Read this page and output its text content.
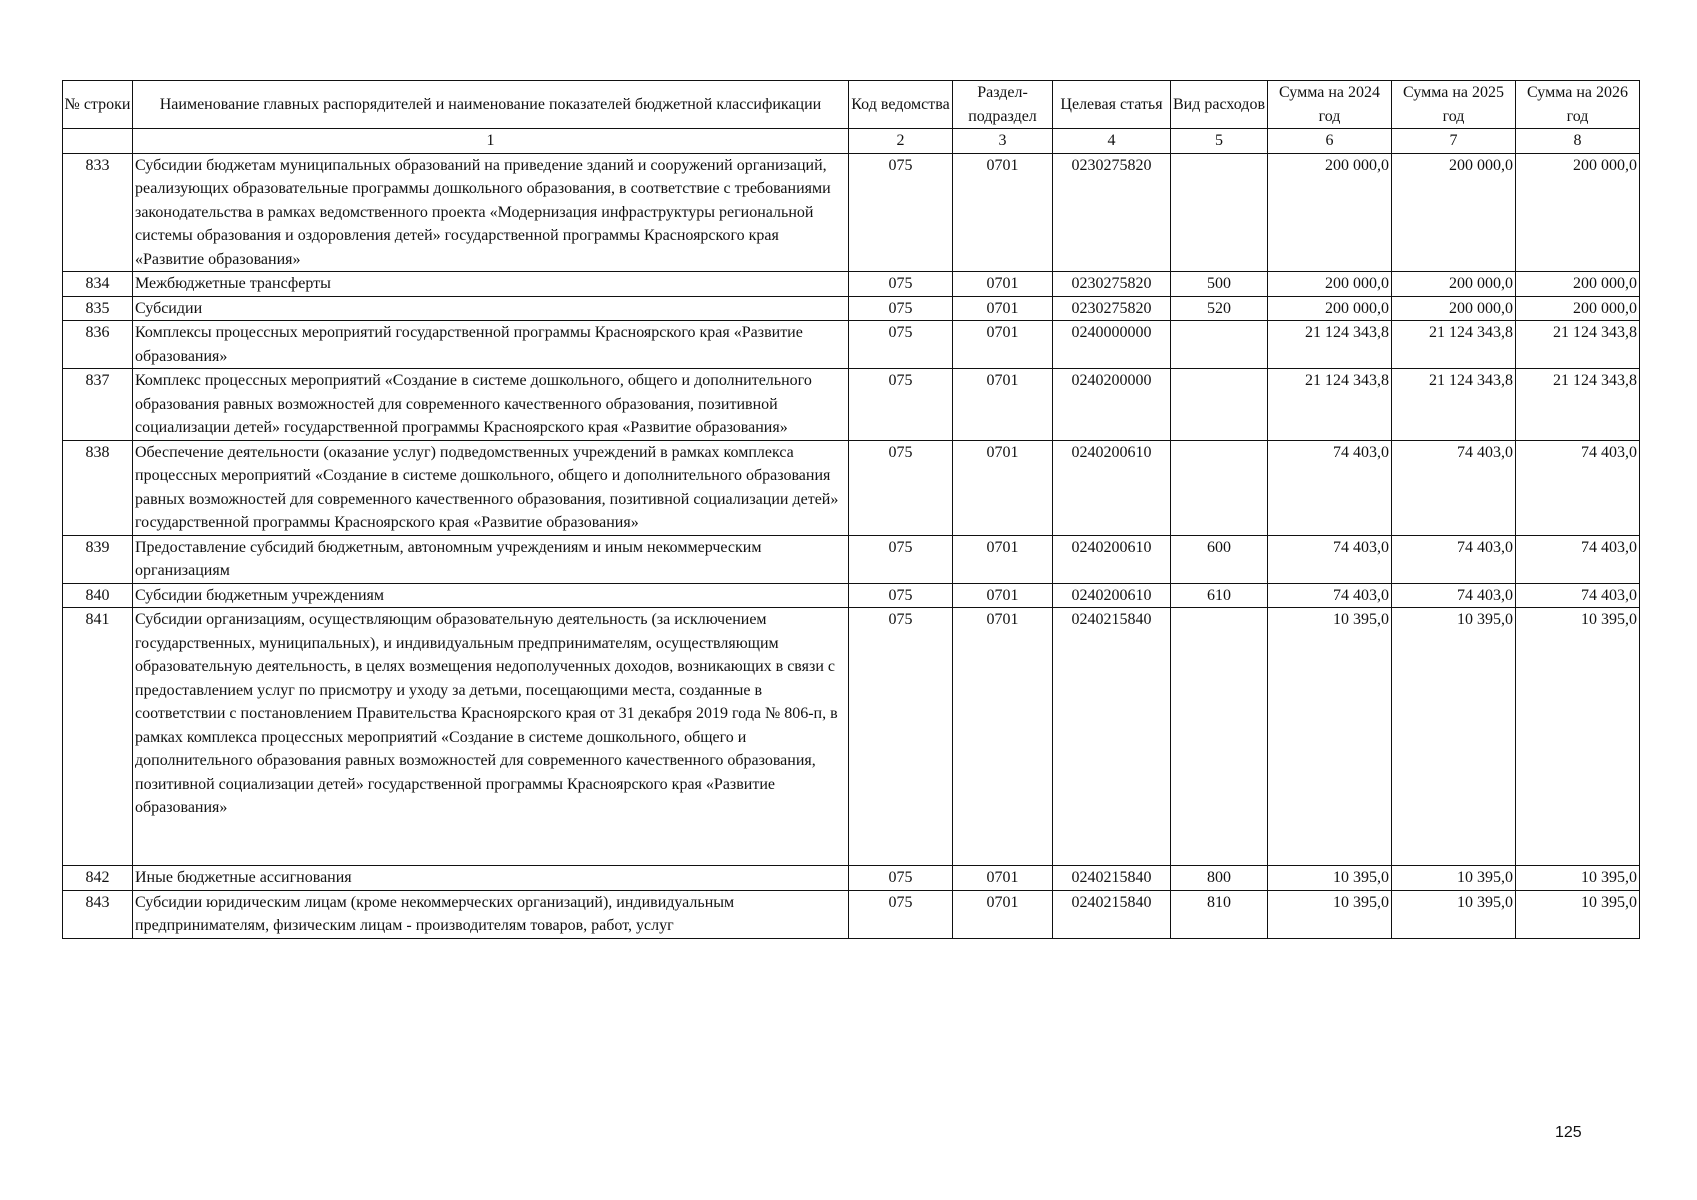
№ строки	Наименование главных распорядителей и наименование показателей бюджетной классификации	Код ведомства	Раздел-подраздел	Целевая статья	Вид расходов	Сумма на 2024 год	Сумма на 2025 год	Сумма на 2026 год
	1	2	3	4	5	6	7	8
833	Субсидии бюджетам муниципальных образований на приведение зданий и сооружений организаций, реализующих образовательные программы дошкольного образования, в соответствие с требованиями законодательства в рамках ведомственного проекта «Модернизация инфраструктуры региональной системы образования и оздоровления детей» государственной программы Красноярского края «Развитие образования»	075	0701	0230275820		200 000,0	200 000,0	200 000,0
834	Межбюджетные трансферты	075	0701	0230275820	500	200 000,0	200 000,0	200 000,0
835	Субсидии	075	0701	0230275820	520	200 000,0	200 000,0	200 000,0
836	Комплексы процессных мероприятий государственной программы Красноярского края «Развитие образования»	075	0701	0240000000		21 124 343,8	21 124 343,8	21 124 343,8
837	Комплекс процессных мероприятий «Создание в системе дошкольного, общего и дополнительного образования равных возможностей для современного качественного образования, позитивной социализации детей» государственной программы Красноярского края «Развитие образования»	075	0701	0240200000		21 124 343,8	21 124 343,8	21 124 343,8
838	Обеспечение деятельности (оказание услуг) подведомственных учреждений в рамках комплекса процессных мероприятий «Создание в системе дошкольного, общего и дополнительного образования равных возможностей для современного качественного образования, позитивной социализации детей» государственной программы Красноярского края «Развитие образования»	075	0701	0240200610		74 403,0	74 403,0	74 403,0
839	Предоставление субсидий бюджетным, автономным учреждениям и иным некоммерческим организациям	075	0701	0240200610	600	74 403,0	74 403,0	74 403,0
840	Субсидии бюджетным учреждениям	075	0701	0240200610	610	74 403,0	74 403,0	74 403,0
841	Субсидии организациям, осуществляющим образовательную деятельность (за исключением государственных, муниципальных), и индивидуальным предпринимателям, осуществляющим образовательную деятельность, в целях возмещения недополученных доходов, возникающих в связи с предоставлением услуг по присмотру и уходу за детьми, посещающими места, созданные в соответствии с постановлением Правительства Красноярского края от 31 декабря 2019 года № 806-п, в рамках комплекса процессных мероприятий «Создание в системе дошкольного, общего и дополнительного образования равных возможностей для современного качественного образования, позитивной социализации детей» государственной программы Красноярского края «Развитие образования»	075	0701	0240215840		10 395,0	10 395,0	10 395,0
842	Иные бюджетные ассигнования	075	0701	0240215840	800	10 395,0	10 395,0	10 395,0
843	Субсидии юридическим лицам (кроме некоммерческих организаций), индивидуальным предпринимателям, физическим лицам - производителям товаров, работ, услуг	075	0701	0240215840	810	10 395,0	10 395,0	10 395,0
125
